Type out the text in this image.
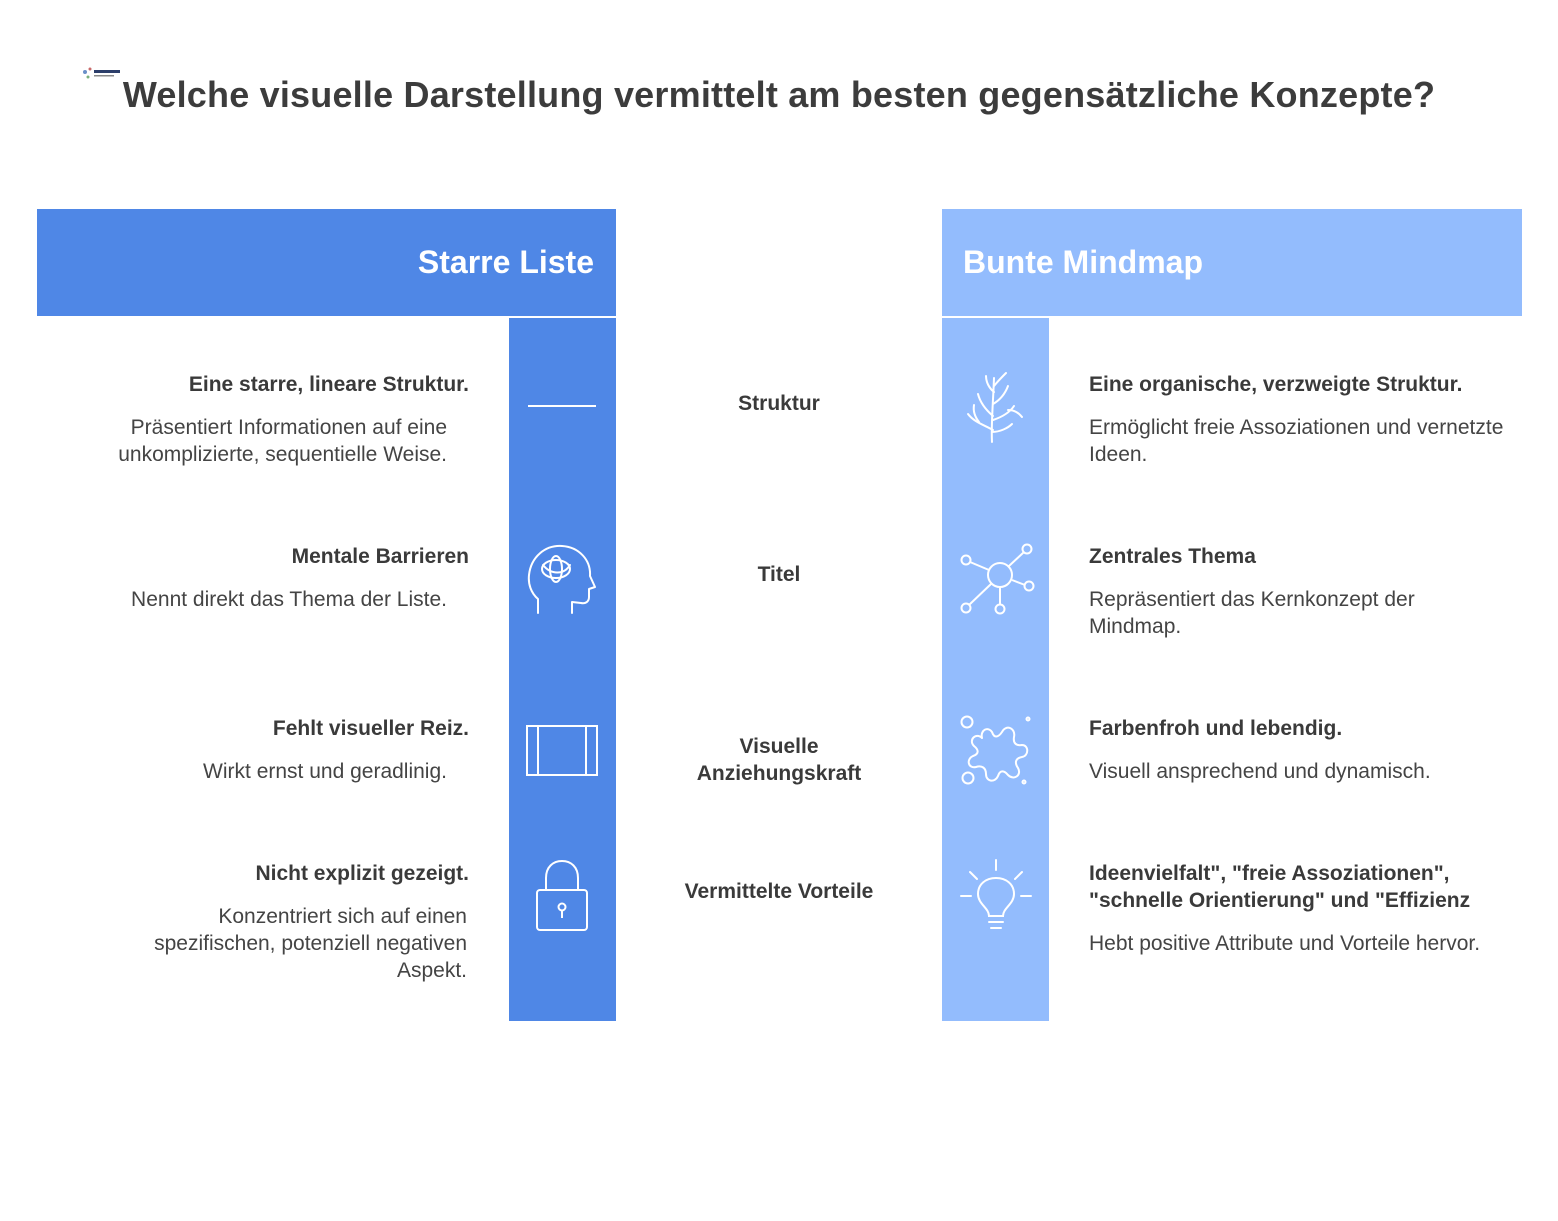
Welche visuelle Darstellung vermittelt am besten gegensätzliche Konzepte?
Starre Liste	Bunte Mindmap
Eine starre, lineare Struktur.

Präsentiert Informationen auf eine unkomplizierte, sequentielle Weise.

Struktur
Eine organische, verzweigte Struktur.

Ermöglicht freie Assoziationen und vernetzte Ideen.

Mentale Barrieren

Nennt direkt das Thema der Liste.

Titel
Zentrales Thema

Repräsentiert das Kernkonzept der Mindmap.

Fehlt visueller Reiz.

Wirkt ernst und geradlinig.

Visuelle Anziehungskraft
Farbenfroh und lebendig.

Visuell ansprechend und dynamisch.

Nicht explizit gezeigt.

Konzentriert sich auf einen spezifischen, potenziell negativen Aspekt.

Vermittelte Vorteile
Ideenvielfalt", "freie Assoziationen", "schnelle Orientierung" und "Effizienz

Hebt positive Attribute und Vorteile hervor.
